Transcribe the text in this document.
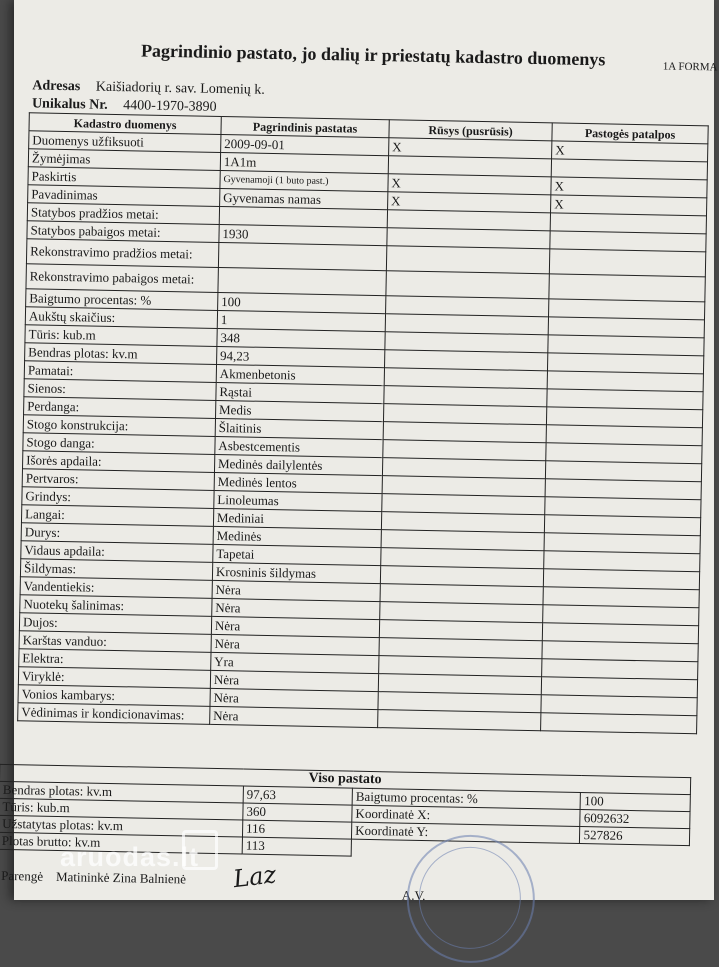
Pagrindinio pastato, jo dalių ir priestatų kadastro duomenys	1A FORMA
Adresas Kaišiadorių r. sav. Lomenių k.
Unikalus Nr. 4400-1970-3890
Kadastro duomenys	Pagrindinis pastatas	Rūsys (pusrūsis)	Pastogės patalpos
Duomenys užfiksuoti	2009-09-01	X	X
Žymėjimas	1A1m		
Paskirtis	Gyvenamoji (1 buto past.)	X	X
Pavadinimas	Gyvenamas namas	X	X
Statybos pradžios metai:			
Statybos pabaigos metai:	1930		
Rekonstravimo pradžios metai:			
Rekonstravimo pabaigos metai:			
Baigtumo procentas: %	100		
Aukštų skaičius:	1		
Tūris: kub.m	348		
Bendras plotas: kv.m	94,23		
Pamatai:	Akmenbetonis		
Sienos:	Rąstai		
Perdanga:	Medis		
Stogo konstrukcija:	Šlaitinis		
Stogo danga:	Asbestcementis		
Išorės apdaila:	Medinės dailylentės		
Pertvaros:	Medinės lentos		
Grindys:	Linoleumas		
Langai:	Mediniai		
Durys:	Medinės		
Vidaus apdaila:	Tapetai		
Šildymas:	Krosninis šildymas		
Vandentiekis:	Nėra		
Nuotekų šalinimas:	Nėra		
Dujos:	Nėra		
Karštas vanduo:	Nėra		
Elektra:	Yra		
Viryklė:	Nėra		
Vonios kambarys:	Nėra		
Vėdinimas ir kondicionavimas:	Nėra		
Viso pastato			
Bendras plotas: kv.m	97,63	Baigtumo procentas: %	100
Tūris: kub.m	360	Koordinatė X:	6092632
Užstatytas plotas: kv.m	116	Koordinatė Y:	527826
Plotas brutto: kv.m	113		
Parengė Matininkė Zina Balnienė Laz
A.V.
aruodas.lt
